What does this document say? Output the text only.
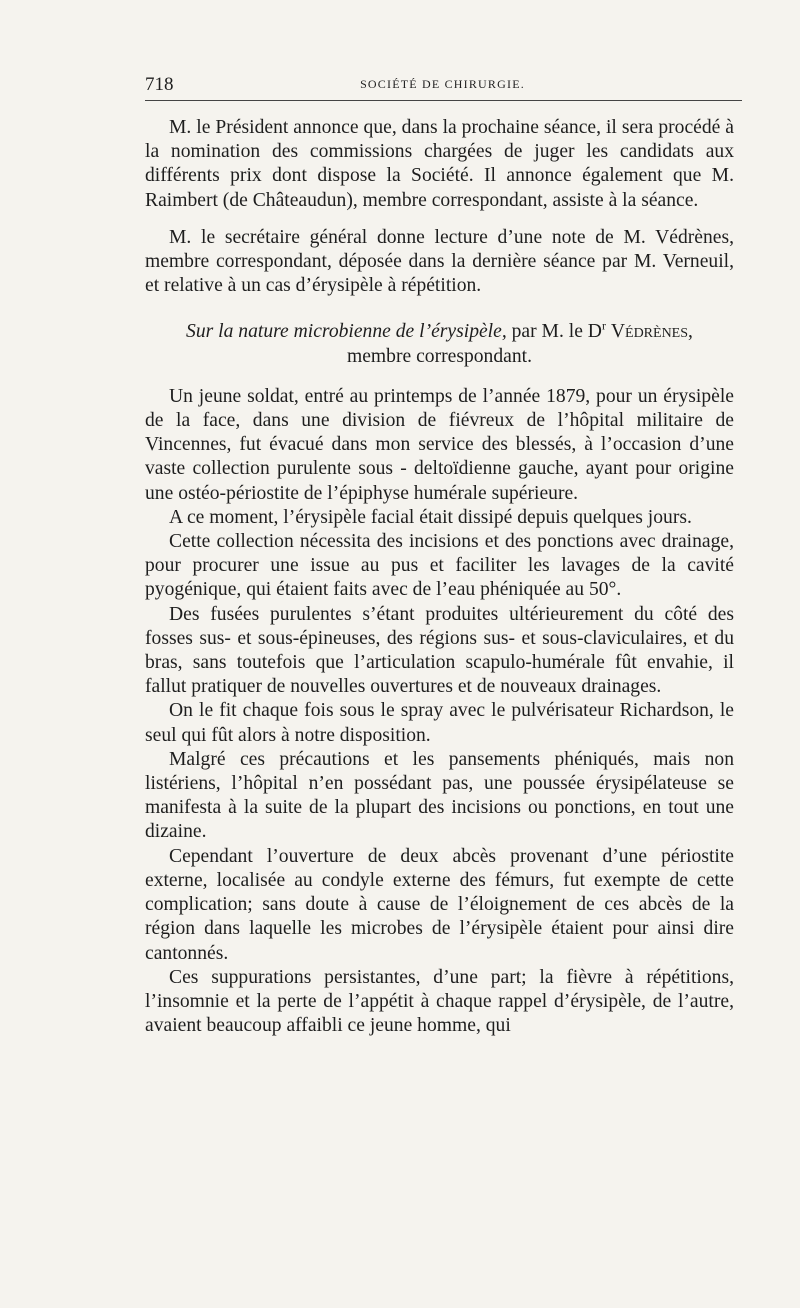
718	SOCIÉTÉ DE CHIRURGIE.

M. le Président annonce que, dans la prochaine séance, il sera procédé à la nomination des commissions chargées de juger les candidats aux différents prix dont dispose la Société. Il annonce également que M. Raimbert (de Châteaudun), membre correspondant, assiste à la séance.

M. le secrétaire général donne lecture d’une note de M. Védrènes, membre correspondant, déposée dans la dernière séance par M. Verneuil, et relative à un cas d’érysipèle à répétition.

Sur la nature microbienne de l’érysipèle, par M. le $D^r$ Védrènes,

membre correspondant.

Un jeune soldat, entré au printemps de l’année 1879, pour un érysipèle de la face, dans une division de fiévreux de l’hôpital militaire de Vincennes, fut évacué dans mon service des blessés, à l’occasion d’une vaste collection purulente sous - deltoïdienne gauche, ayant pour origine une ostéo-périostite de l’épiphyse humérale supérieure.

A ce moment, l’érysipèle facial était dissipé depuis quelques jours.

Cette collection nécessita des incisions et des ponctions avec drainage, pour procurer une issue au pus et faciliter les lavages de la cavité pyogénique, qui étaient faits avec de l’eau phéniquée au 50°.

Des fusées purulentes s’étant produites ultérieurement du côté des fosses sus- et sous-épineuses, des régions sus- et sous-claviculaires, et du bras, sans toutefois que l’articulation scapulo-humérale fût envahie, il fallut pratiquer de nouvelles ouvertures et de nouveaux drainages.

On le fit chaque fois sous le spray avec le pulvérisateur Richardson, le seul qui fût alors à notre disposition.

Malgré ces précautions et les pansements phéniqués, mais non listériens, l’hôpital n’en possédant pas, une poussée érysipélateuse se manifesta à la suite de la plupart des incisions ou ponctions, en tout une dizaine.

Cependant l’ouverture de deux abcès provenant d’une périostite externe, localisée au condyle externe des fémurs, fut exempte de cette complication; sans doute à cause de l’éloignement de ces abcès de la région dans laquelle les microbes de l’érysipèle étaient pour ainsi dire cantonnés.

Ces suppurations persistantes, d’une part; la fièvre à répétitions, l’insomnie et la perte de l’appétit à chaque rappel d’érysipèle, de l’autre, avaient beaucoup affaibli ce jeune homme, qui
